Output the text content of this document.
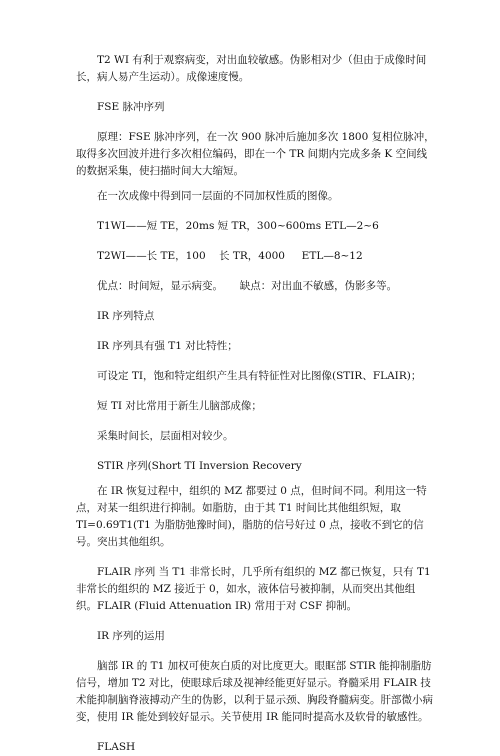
T2 WI 有利于观察病变，对出血较敏感。伪影相对少（但由于成像时间长，病人易产生运动）。成像速度慢。

FSE 脉冲序列

原理：FSE 脉冲序列，在一次 900 脉冲后施加多次 1800 复相位脉冲，取得多次回波并进行多次相位编码，即在一个 TR 间期内完成多条 K 空间线的数据采集，使扫描时间大大缩短。

在一次成像中得到同一层面的不同加权性质的图像。

T1WI——短 TE，20ms 短 TR，300~600ms ETL—2~6

T2WI——长 TE，100    长 TR，4000     ETL—8~12

优点：时间短，显示病变。     缺点：对出血不敏感，伪影多等。

IR 序列特点

IR 序列具有强 T1 对比特性；

可设定 TI，饱和特定组织产生具有特征性对比图像(STIR、FLAIR)；

短 TI 对比常用于新生儿脑部成像；

采集时间长，层面相对较少。

STIR 序列(Short TI Inversion Recovery

在 IR 恢复过程中，组织的 MZ 都要过 0 点，但时间不同。利用这一特点，对某一组织进行抑制。如脂肪，由于其 T1 时间比其他组织短，取 TI=0.69T1(T1 为脂肪弛豫时间)，脂肪的信号好过 0 点，接收不到它的信号。突出其他组织。

FLAIR 序列 当 T1 非常长时，几乎所有组织的 MZ 都已恢复，只有 T1 非常长的组织的 MZ 接近于 0，如水，液体信号被抑制，从而突出其他组织。FLAIR (Fluid Attenuation IR) 常用于对 CSF 抑制。

IR 序列的运用

脑部 IR 的 T1 加权可使灰白质的对比度更大。眼眶部 STIR 能抑制脂肪信号，增加 T2 对比，使眼球后球及视神经能更好显示。脊髓采用 FLAIR 技术能抑制脑脊液搏动产生的伪影，以利于显示颈、胸段脊髓病变。肝部微小病变，使用 IR 能处到较好显示。关节使用 IR 能同时提高水及软骨的敏感性。

FLASH
